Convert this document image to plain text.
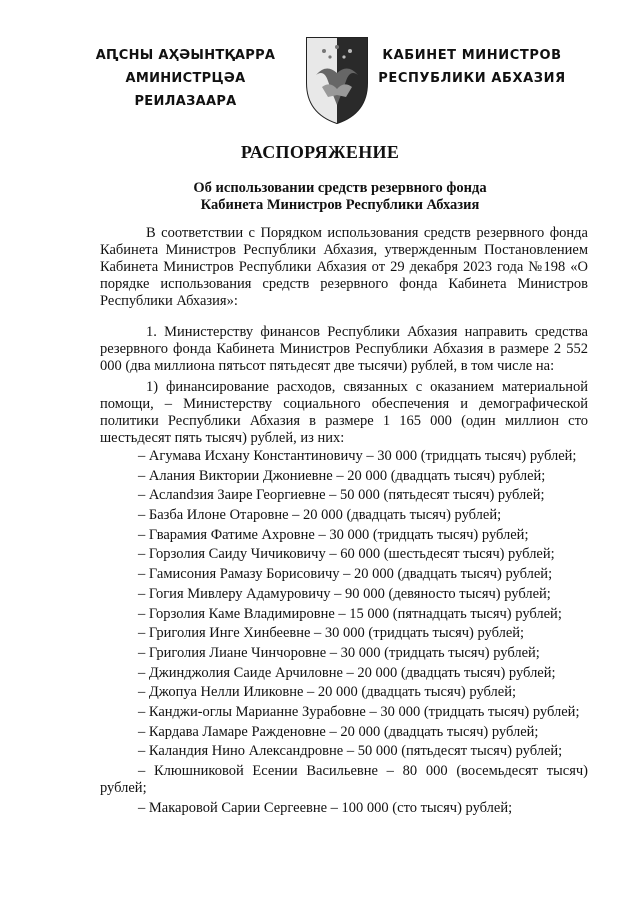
АԤСНЫ АҲӘЫНТҚАРРА
АМИНИСТРЦӘА РЕИЛАЗААРА
КАБИНЕТ МИНИСТРОВ
РЕСПУБЛИКИ АБХАЗИЯ
РАСПОРЯЖЕНИЕ
Об использовании средств резервного фонда
Кабинета Министров Республики Абхазия

В соответствии с Порядком использования средств резервного фонда Кабинета Министров Республики Абхазия, утвержденным Постановлением Кабинета Министров Республики Абхазия от 29 декабря 2023 года №198 «О порядке использования средств резервного фонда Кабинета Министров Республики Абхазия»:

1. Министерству финансов Республики Абхазия направить средства резервного фонда Кабинета Министров Республики Абхазия в размере 2 552 000 (два миллиона пятьсот пятьдесят две тысячи) рублей, в том числе на:

1) финансирование расходов, связанных с оказанием материальной помощи, – Министерству социального обеспечения и демографической политики Республики Абхазия в размере 1 165 000 (один миллион сто шестьдесят пять тысяч) рублей, из них:

– Агумава Исхану Константиновичу – 30 000 (тридцать тысяч) рублей;

– Алания Виктории Джониевне – 20 000 (двадцать тысяч) рублей;

– Аслandзия Заире Георгиевне – 50 000 (пятьдесят тысяч) рублей;

– Базба Илоне Отаровне – 20 000 (двадцать тысяч) рублей;

– Гварамия Фатиме Ахровне – 30 000 (тридцать тысяч) рублей;

– Горзолия Саиду Чичиковичу – 60 000 (шестьдесят тысяч) рублей;

– Гамисония Рамазу Борисовичу – 20 000 (двадцать тысяч) рублей;

– Гогия Мивлеру Адамуровичу – 90 000 (девяносто тысяч) рублей;

– Горзолия Каме Владимировне – 15 000 (пятнадцать тысяч) рублей;

– Григолия Инге Хинбеевне – 30 000 (тридцать тысяч) рублей;

– Григолия Лиане Чинчоровне – 30 000 (тридцать тысяч) рублей;

– Джинджолия Саиде Арчиловне – 20 000 (двадцать тысяч) рублей;

– Джопуа Нелли Иликовне – 20 000 (двадцать тысяч) рублей;

– Канджи-оглы Марианне Зурабовне – 30 000 (тридцать тысяч) рублей;

– Кардава Ламаре Рaжденовне – 20 000 (двадцать тысяч) рублей;

– Каландия Нино Александровне – 50 000 (пятьдесят тысяч) рублей;

– Клюшниковой Есении Васильевне – 80 000 (восемьдесят тысяч) рублей;

– Макаровой Сарии Сергеевне – 100 000 (сто тысяч) рублей;
